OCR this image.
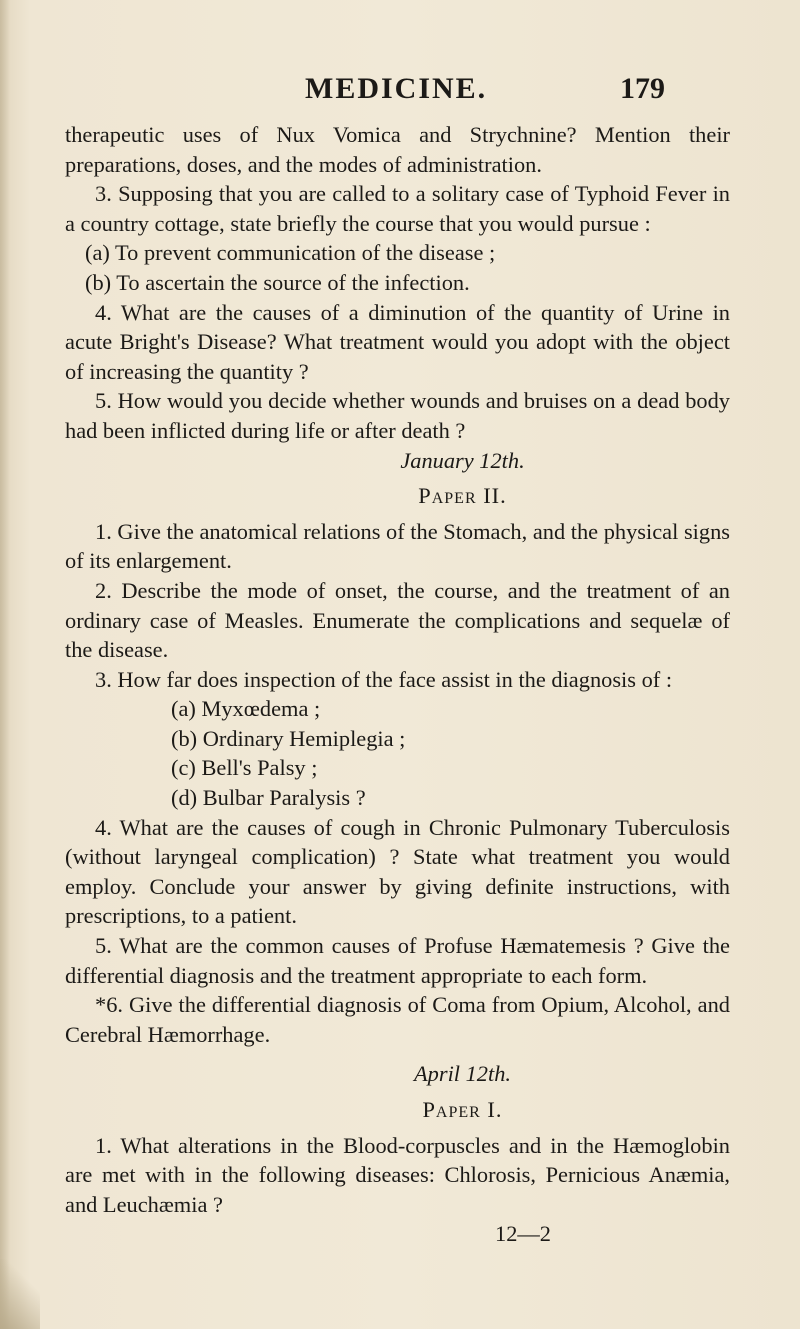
MEDICINE.	179

therapeutic uses of Nux Vomica and Strychnine? Mention their preparations, doses, and the modes of administration.

3. Supposing that you are called to a solitary case of Typhoid Fever in a country cottage, state briefly the course that you would pursue :

(a) To prevent communication of the disease ;

(b) To ascertain the source of the infection.

4. What are the causes of a diminution of the quantity of Urine in acute Bright's Disease? What treatment would you adopt with the object of increasing the quantity ?

5. How would you decide whether wounds and bruises on a dead body had been inflicted during life or after death ?

January 12th.

Paper II.

1. Give the anatomical relations of the Stomach, and the physical signs of its enlargement.

2. Describe the mode of onset, the course, and the treatment of an ordinary case of Measles. Enumerate the complications and sequelæ of the disease.

3. How far does inspection of the face assist in the diagnosis of :

(a) Myxœdema ;

(b) Ordinary Hemiplegia ;

(c) Bell's Palsy ;

(d) Bulbar Paralysis ?

4. What are the causes of cough in Chronic Pulmonary Tuberculosis (without laryngeal complication) ? State what treatment you would employ. Conclude your answer by giving definite instructions, with prescriptions, to a patient.

5. What are the common causes of Profuse Hæmatemesis ? Give the differential diagnosis and the treatment appropriate to each form.

*6. Give the differential diagnosis of Coma from Opium, Alcohol, and Cerebral Hæmorrhage.

April 12th.

Paper I.

1. What alterations in the Blood-corpuscles and in the Hæmoglobin are met with in the following diseases: Chlorosis, Pernicious Anæmia, and Leuchæmia ?

12—2
